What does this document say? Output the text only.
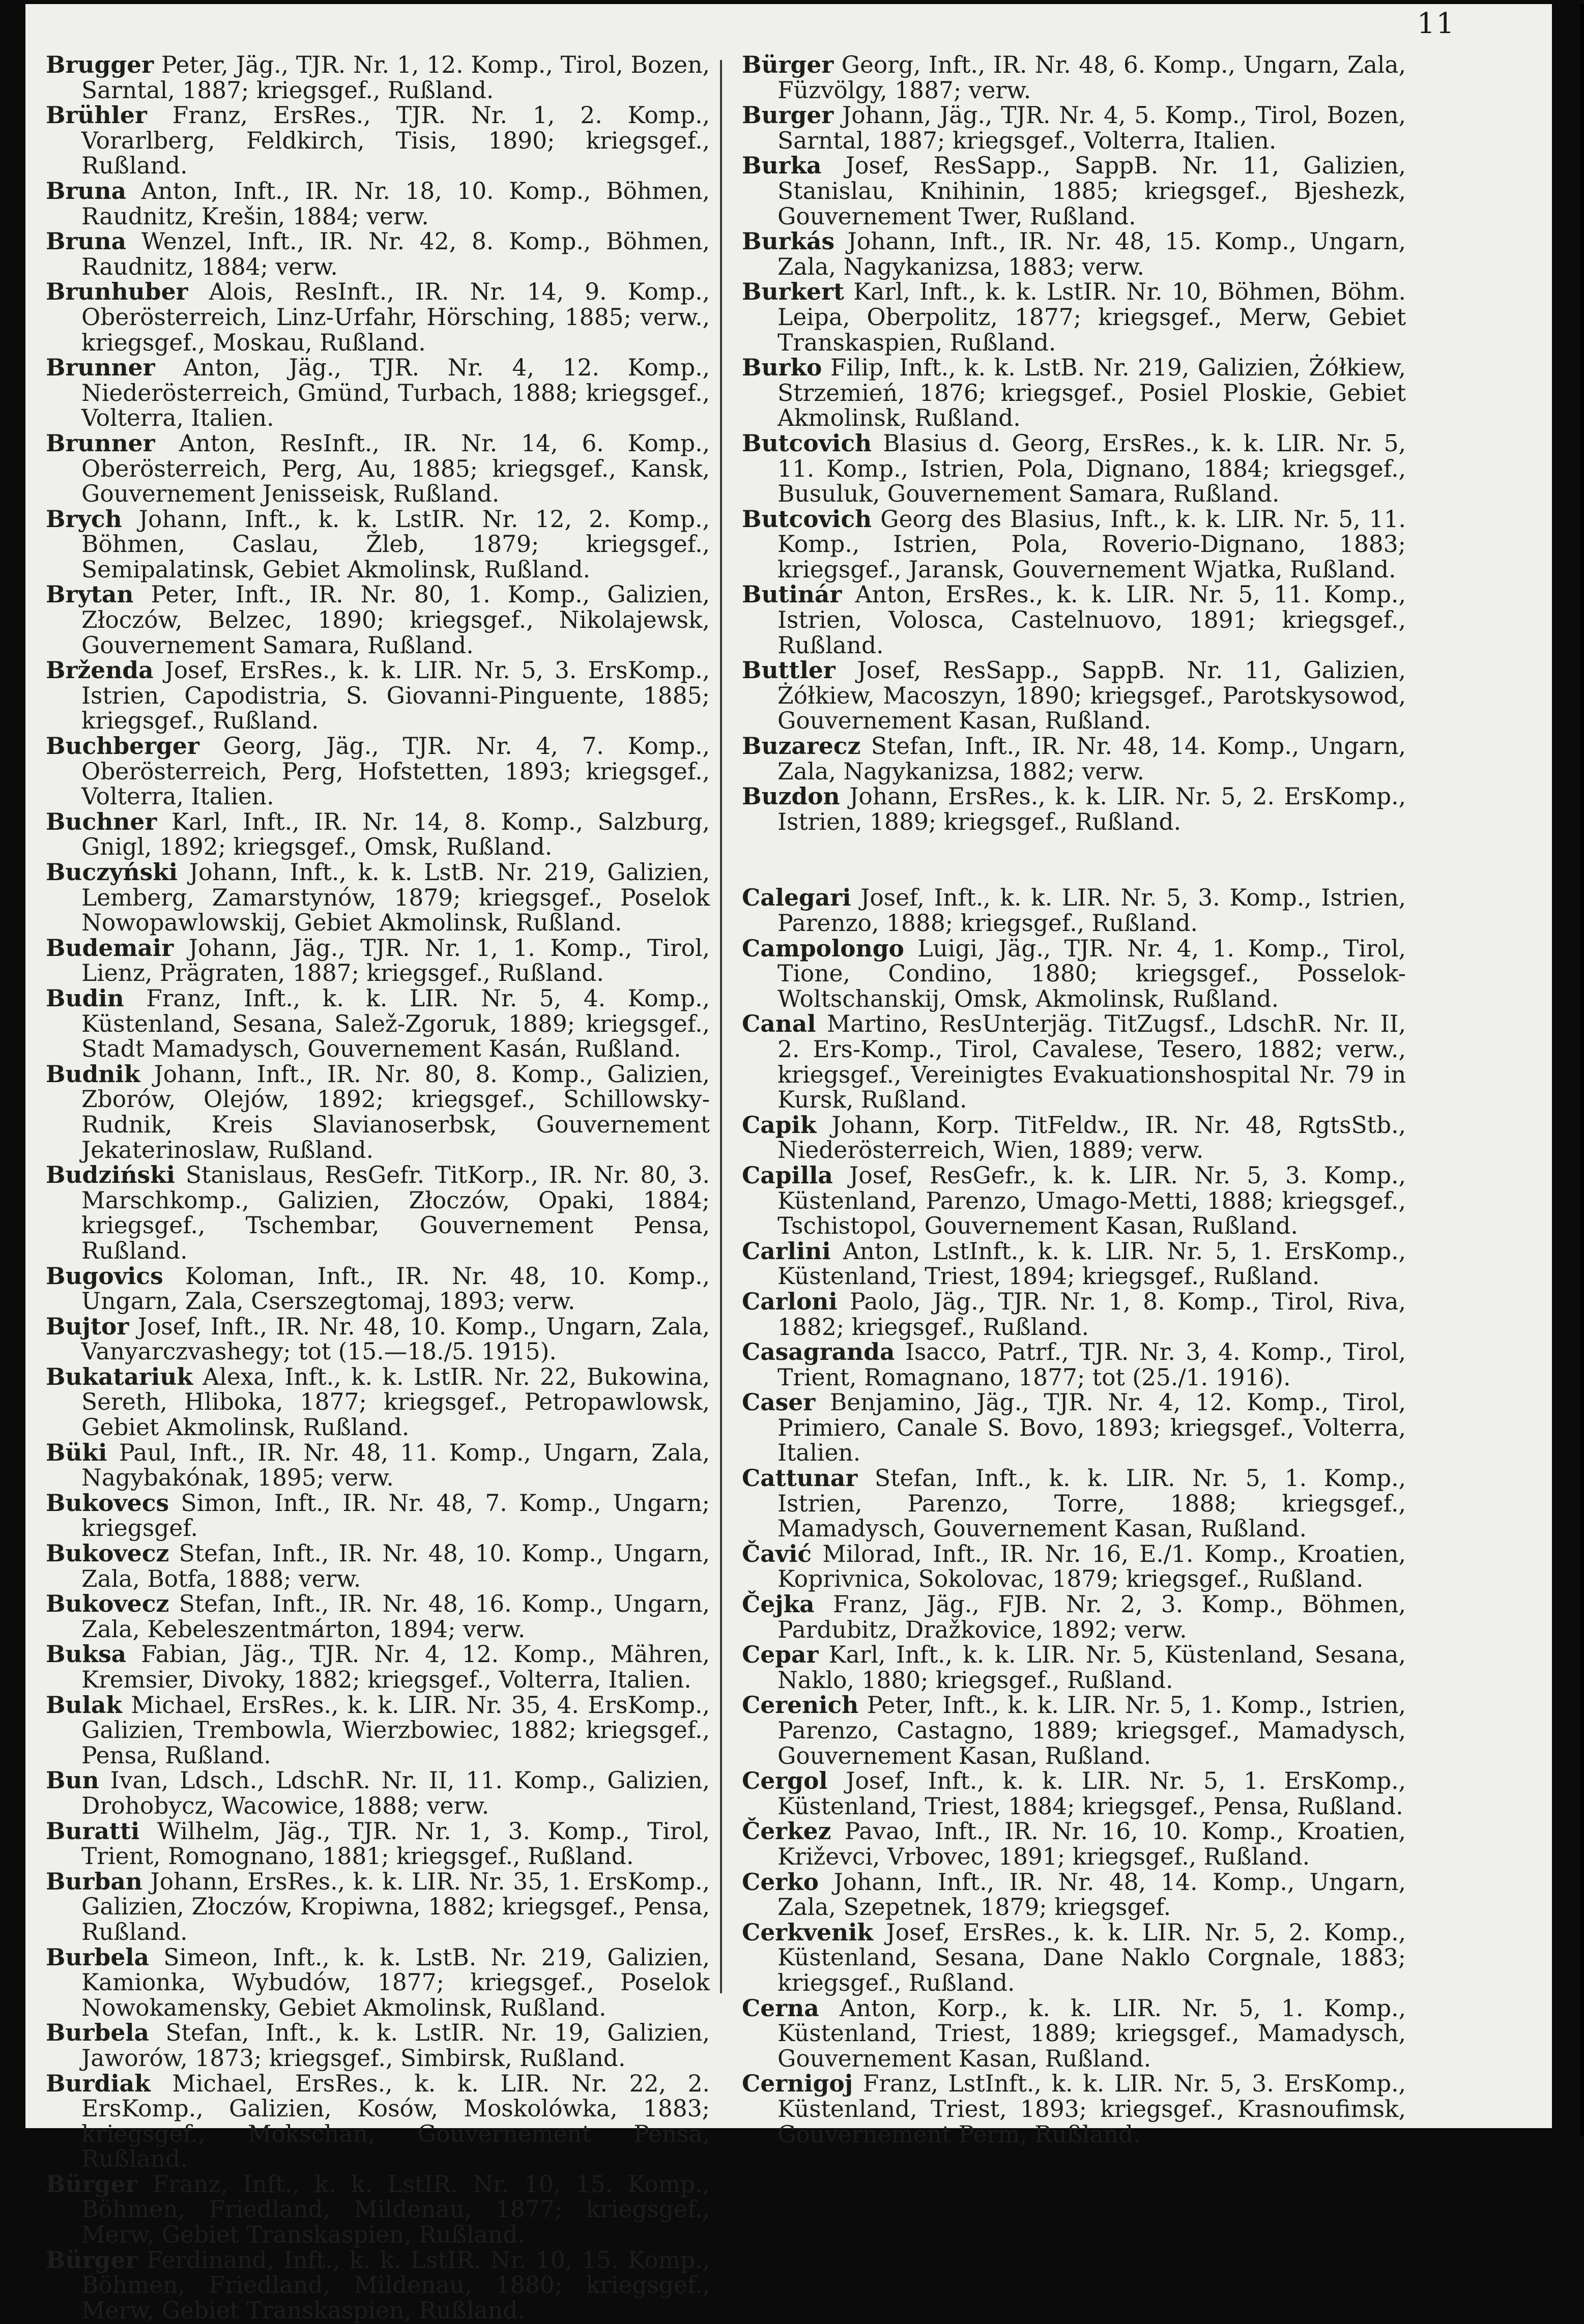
11
Brugger Peter, Jäg., TJR. Nr. 1, 12. Komp., Tirol, Bozen, Sarntal, 1887; kriegsgef., Rußland.
Brühler Franz, ErsRes., TJR. Nr. 1, 2. Komp., Vorarlberg, Feldkirch, Tisis, 1890; kriegsgef., Rußland.
Bruna Anton, Inft., IR. Nr. 18, 10. Komp., Böhmen, Raudnitz, Krešin, 1884; verw.
Bruna Wenzel, Inft., IR. Nr. 42, 8. Komp., Böhmen, Raudnitz, 1884; verw.
Brunhuber Alois, ResInft., IR. Nr. 14, 9. Komp., Oberösterreich, Linz-Urfahr, Hörsching, 1885; verw., kriegsgef., Moskau, Rußland.
Brunner Anton, Jäg., TJR. Nr. 4, 12. Komp., Niederösterreich, Gmünd, Turbach, 1888; kriegsgef., Volterra, Italien.
Brunner Anton, ResInft., IR. Nr. 14, 6. Komp., Oberösterreich, Perg, Au, 1885; kriegsgef., Kansk, Gouvernement Jenisseisk, Rußland.
Brych Johann, Inft., k. k. LstIR. Nr. 12, 2. Komp., Böhmen, Caslau, Žleb, 1879; kriegsgef., Semipalatinsk, Gebiet Akmolinsk, Rußland.
Brytan Peter, Inft., IR. Nr. 80, 1. Komp., Galizien, Złoczów, Belzec, 1890; kriegsgef., Nikolajewsk, Gouvernement Samara, Rußland.
Brženda Josef, ErsRes., k. k. LIR. Nr. 5, 3. ErsKomp., Istrien, Capodistria, S. Giovanni-Pinguente, 1885; kriegsgef., Rußland.
Buchberger Georg, Jäg., TJR. Nr. 4, 7. Komp., Oberösterreich, Perg, Hofstetten, 1893; kriegsgef., Volterra, Italien.
Buchner Karl, Inft., IR. Nr. 14, 8. Komp., Salzburg, Gnigl, 1892; kriegsgef., Omsk, Rußland.
Buczyński Johann, Inft., k. k. LstB. Nr. 219, Galizien, Lemberg, Zamarstynów, 1879; kriegsgef., Poselok Nowopawlowskij, Gebiet Akmolinsk, Rußland.
Budemair Johann, Jäg., TJR. Nr. 1, 1. Komp., Tirol, Lienz, Prägraten, 1887; kriegsgef., Rußland.
Budin Franz, Inft., k. k. LIR. Nr. 5, 4. Komp., Küstenland, Sesana, Salež-Zgoruk, 1889; kriegsgef., Stadt Mamadysch, Gouvernement Kasán, Rußland.
Budnik Johann, Inft., IR. Nr. 80, 8. Komp., Galizien, Zborów, Olejów, 1892; kriegsgef., Schillowsky-Rudnik, Kreis Slavianoserbsk, Gouvernement Jekaterinoslaw, Rußland.
Budziński Stanislaus, ResGefr. TitKorp., IR. Nr. 80, 3. Marschkomp., Galizien, Złoczów, Opaki, 1884; kriegsgef., Tschembar, Gouvernement Pensa, Rußland.
Bugovics Koloman, Inft., IR. Nr. 48, 10. Komp., Ungarn, Zala, Cserszegtomaj, 1893; verw.
Bujtor Josef, Inft., IR. Nr. 48, 10. Komp., Ungarn, Zala, Vanyarczvashegy; tot (15.—18./5. 1915).
Bukatariuk Alexa, Inft., k. k. LstIR. Nr. 22, Bukowina, Sereth, Hliboka, 1877; kriegsgef., Petropawlowsk, Gebiet Akmolinsk, Rußland.
Büki Paul, Inft., IR. Nr. 48, 11. Komp., Ungarn, Zala, Nagybakónak, 1895; verw.
Bukovecs Simon, Inft., IR. Nr. 48, 7. Komp., Ungarn; kriegsgef.
Bukovecz Stefan, Inft., IR. Nr. 48, 10. Komp., Ungarn, Zala, Botfa, 1888; verw.
Bukovecz Stefan, Inft., IR. Nr. 48, 16. Komp., Ungarn, Zala, Kebeleszentmárton, 1894; verw.
Buksa Fabian, Jäg., TJR. Nr. 4, 12. Komp., Mähren, Kremsier, Divoky, 1882; kriegsgef., Volterra, Italien.
Bulak Michael, ErsRes., k. k. LIR. Nr. 35, 4. ErsKomp., Galizien, Trembowla, Wierzbowiec, 1882; kriegsgef., Pensa, Rußland.
Bun Ivan, Ldsch., LdschR. Nr. II, 11. Komp., Galizien, Drohobycz, Wacowice, 1888; verw.
Buratti Wilhelm, Jäg., TJR. Nr. 1, 3. Komp., Tirol, Trient, Romognano, 1881; kriegsgef., Rußland.
Burban Johann, ErsRes., k. k. LIR. Nr. 35, 1. ErsKomp., Galizien, Złoczów, Kropiwna, 1882; kriegsgef., Pensa, Rußland.
Burbela Simeon, Inft., k. k. LstB. Nr. 219, Galizien, Kamionka, Wybudów, 1877; kriegsgef., Poselok Nowokamensky, Gebiet Akmolinsk, Rußland.
Burbela Stefan, Inft., k. k. LstIR. Nr. 19, Galizien, Jaworów, 1873; kriegsgef., Simbirsk, Rußland.
Burdiak Michael, ErsRes., k. k. LIR. Nr. 22, 2. ErsKomp., Galizien, Kosów, Moskolówka, 1883; kriegsgef., Mokschan, Gouvernement Pensa, Rußland.
Bürger Franz, Inft., k. k. LstIR. Nr. 10, 15. Komp., Böhmen, Friedland, Mildenau, 1877; kriegsgef., Merw, Gebiet Transkaspien, Rußland.
Bürger Ferdinand, Inft., k. k. LstIR. Nr. 10, 15. Komp., Böhmen, Friedland, Mildenau, 1880; kriegsgef., Merw, Gebiet Transkaspien, Rußland.
Bürger Georg, Inft., IR. Nr. 48, 6. Komp., Ungarn, Zala, Füzvölgy, 1887; verw.
Burger Johann, Jäg., TJR. Nr. 4, 5. Komp., Tirol, Bozen, Sarntal, 1887; kriegsgef., Volterra, Italien.
Burka Josef, ResSapp., SappB. Nr. 11, Galizien, Stanislau, Knihinin, 1885; kriegsgef., Bjeshezk, Gouvernement Twer, Rußland.
Burkás Johann, Inft., IR. Nr. 48, 15. Komp., Ungarn, Zala, Nagykanizsa, 1883; verw.
Burkert Karl, Inft., k. k. LstIR. Nr. 10, Böhmen, Böhm. Leipa, Oberpolitz, 1877; kriegsgef., Merw, Gebiet Transkaspien, Rußland.
Burko Filip, Inft., k. k. LstB. Nr. 219, Galizien, Żółkiew, Strzemień, 1876; kriegsgef., Posiel Ploskie, Gebiet Akmolinsk, Rußland.
Butcovich Blasius d. Georg, ErsRes., k. k. LIR. Nr. 5, 11. Komp., Istrien, Pola, Dignano, 1884; kriegsgef., Busuluk, Gouvernement Samara, Rußland.
Butcovich Georg des Blasius, Inft., k. k. LIR. Nr. 5, 11. Komp., Istrien, Pola, Roverio-Dignano, 1883; kriegsgef., Jaransk, Gouvernement Wjatka, Rußland.
Butinár Anton, ErsRes., k. k. LIR. Nr. 5, 11. Komp., Istrien, Volosca, Castelnuovo, 1891; kriegsgef., Rußland.
Buttler Josef, ResSapp., SappB. Nr. 11, Galizien, Żółkiew, Macoszyn, 1890; kriegsgef., Parotskysowod, Gouvernement Kasan, Rußland.
Buzarecz Stefan, Inft., IR. Nr. 48, 14. Komp., Ungarn, Zala, Nagykanizsa, 1882; verw.
Buzdon Johann, ErsRes., k. k. LIR. Nr. 5, 2. ErsKomp., Istrien, 1889; kriegsgef., Rußland.
Calegari Josef, Inft., k. k. LIR. Nr. 5, 3. Komp., Istrien, Parenzo, 1888; kriegsgef., Rußland.
Campolongo Luigi, Jäg., TJR. Nr. 4, 1. Komp., Tirol, Tione, Condino, 1880; kriegsgef., Posselok-Woltschanskij, Omsk, Akmolinsk, Rußland.
Canal Martino, ResUnterjäg. TitZugsf., LdschR. Nr. II, 2. Ers-Komp., Tirol, Cavalese, Tesero, 1882; verw., kriegsgef., Vereinigtes Evakuationshospital Nr. 79 in Kursk, Rußland.
Capik Johann, Korp. TitFeldw., IR. Nr. 48, RgtsStb., Niederösterreich, Wien, 1889; verw.
Capilla Josef, ResGefr., k. k. LIR. Nr. 5, 3. Komp., Küstenland, Parenzo, Umago-Metti, 1888; kriegsgef., Tschistopol, Gouvernement Kasan, Rußland.
Carlini Anton, LstInft., k. k. LIR. Nr. 5, 1. ErsKomp., Küstenland, Triest, 1894; kriegsgef., Rußland.
Carloni Paolo, Jäg., TJR. Nr. 1, 8. Komp., Tirol, Riva, 1882; kriegsgef., Rußland.
Casagranda Isacco, Patrf., TJR. Nr. 3, 4. Komp., Tirol, Trient, Romagnano, 1877; tot (25./1. 1916).
Caser Benjamino, Jäg., TJR. Nr. 4, 12. Komp., Tirol, Primiero, Canale S. Bovo, 1893; kriegsgef., Volterra, Italien.
Cattunar Stefan, Inft., k. k. LIR. Nr. 5, 1. Komp., Istrien, Parenzo, Torre, 1888; kriegsgef., Mamadysch, Gouvernement Kasan, Rußland.
Čavić Milorad, Inft., IR. Nr. 16, E./1. Komp., Kroatien, Koprivnica, Sokolovac, 1879; kriegsgef., Rußland.
Čejka Franz, Jäg., FJB. Nr. 2, 3. Komp., Böhmen, Pardubitz, Dražkovice, 1892; verw.
Cepar Karl, Inft., k. k. LIR. Nr. 5, Küstenland, Sesana, Naklo, 1880; kriegsgef., Rußland.
Cerenich Peter, Inft., k. k. LIR. Nr. 5, 1. Komp., Istrien, Parenzo, Castagno, 1889; kriegsgef., Mamadysch, Gouvernement Kasan, Rußland.
Cergol Josef, Inft., k. k. LIR. Nr. 5, 1. ErsKomp., Küstenland, Triest, 1884; kriegsgef., Pensa, Rußland.
Čerkez Pavao, Inft., IR. Nr. 16, 10. Komp., Kroatien, Križevci, Vrbovec, 1891; kriegsgef., Rußland.
Cerko Johann, Inft., IR. Nr. 48, 14. Komp., Ungarn, Zala, Szepetnek, 1879; kriegsgef.
Cerkvenik Josef, ErsRes., k. k. LIR. Nr. 5, 2. Komp., Küstenland, Sesana, Dane Naklo Corgnale, 1883; kriegsgef., Rußland.
Cerna Anton, Korp., k. k. LIR. Nr. 5, 1. Komp., Küstenland, Triest, 1889; kriegsgef., Mamadysch, Gouvernement Kasan, Rußland.
Cernigoj Franz, LstInft., k. k. LIR. Nr. 5, 3. ErsKomp., Küstenland, Triest, 1893; kriegsgef., Krasnoufimsk, Gouvernement Perm, Rußland.
